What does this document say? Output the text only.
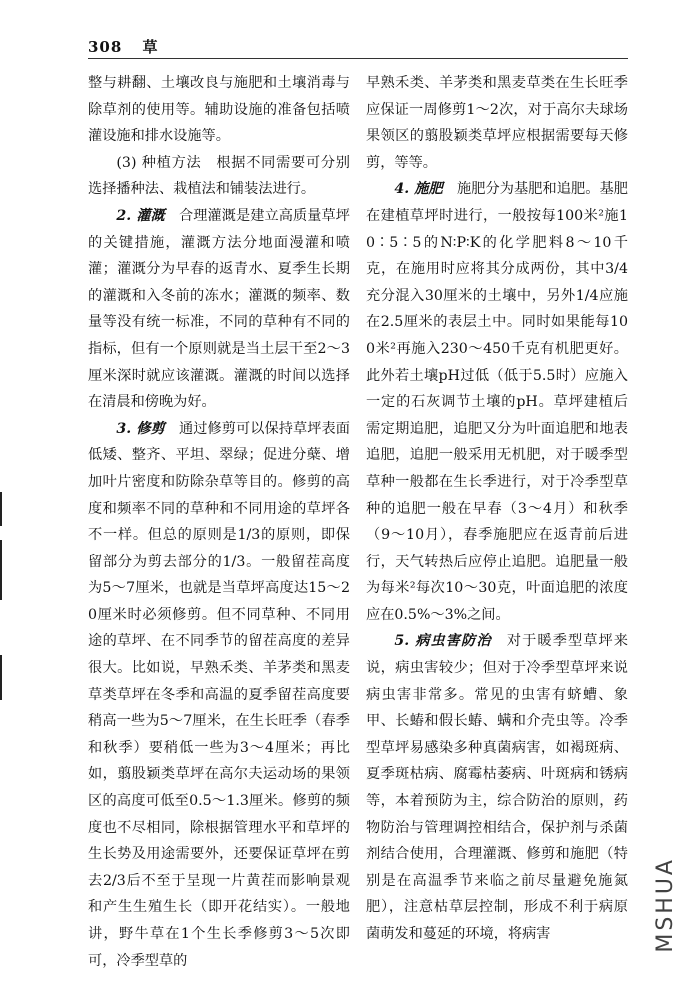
308 草

整与耕翻、土壤改良与施肥和土壤消毒与除草剂的使用等。辅助设施的准备包括喷灌设施和排水设施等。

(3) 种植方法　根据不同需要可分别选择播种法、栽植法和铺装法进行。

2. 灌溉　 合理灌溉是建立高质量草坪的关键措施，灌溉方法分地面漫灌和喷灌；灌溉分为早春的返青水、夏季生长期的灌溉和入冬前的冻水；灌溉的频率、数量等没有统一标准，不同的草种有不同的指标，但有一个原则就是当土层干至2～3厘米深时就应该灌溉。灌溉的时间以选择在清晨和傍晚为好。

3. 修剪　 通过修剪可以保持草坪表面低矮、整齐、平坦、翠绿；促进分蘖、增加叶片密度和防除杂草等目的。修剪的高度和频率不同的草种和不同用途的草坪各不一样。但总的原则是1/3的原则，即保留部分为剪去部分的1/3。一般留茬高度为5～7厘米，也就是当草坪高度达15～20厘米时必须修剪。但不同草种、不同用途的草坪、在不同季节的留茬高度的差异很大。比如说，早熟禾类、羊茅类和黑麦草类草坪在冬季和高温的夏季留茬高度要稍高一些为5～7厘米，在生长旺季（春季和秋季）要稍低一些为3～4厘米；再比如，翦股颖类草坪在高尔夫运动场的果领区的高度可低至0.5～1.3厘米。修剪的频度也不尽相同，除根据管理水平和草坪的生长势及用途需要外，还要保证草坪在剪去2/3后不至于呈现一片黄茬而影响景观和产生生殖生长（即开花结实）。一般地讲，野牛草在1个生长季修剪3～5次即可，冷季型草的

早熟禾类、羊茅类和黑麦草类在生长旺季应保证一周修剪1～2次，对于高尔夫球场果领区的翦股颖类草坪应根据需要每天修剪，等等。

4. 施肥　 施肥分为基肥和追肥。基肥在建植草坪时进行，一般按每100米²施10∶5∶5的N∶P∶K的化学肥料8～10千克，在施用时应将其分成两份，其中3/4充分混入30厘米的土壤中，另外1/4应施在2.5厘米的表层土中。同时如果能每100米²再施入230～450千克有机肥更好。此外若土壤pH过低（低于5.5时）应施入一定的石灰调节土壤的pH。草坪建植后需定期追肥，追肥又分为叶面追肥和地表追肥，追肥一般采用无机肥，对于暖季型草种一般都在生长季进行，对于冷季型草种的追肥一般在早春（3～4月）和秋季（9～10月），春季施肥应在返青前后进行，天气转热后应停止追肥。追肥量一般为每米²每次10～30克，叶面追肥的浓度应在0.5%～3%之间。

5. 病虫害防治　 对于暖季型草坪来说，病虫害较少；但对于冷季型草坪来说病虫害非常多。常见的虫害有蛴螬、象甲、长蝽和假长蝽、螨和介壳虫等。冷季型草坪易感染多种真菌病害，如褐斑病、夏季斑枯病、腐霉枯萎病、叶斑病和锈病等，本着预防为主，综合防治的原则，药物防治与管理调控相结合，保护剂与杀菌剂结合使用，合理灌溉、修剪和施肥（特别是在高温季节来临之前尽量避免施氮肥），注意枯草层控制，形成不利于病原菌萌发和蔓延的环境，将病害	MSHUA
